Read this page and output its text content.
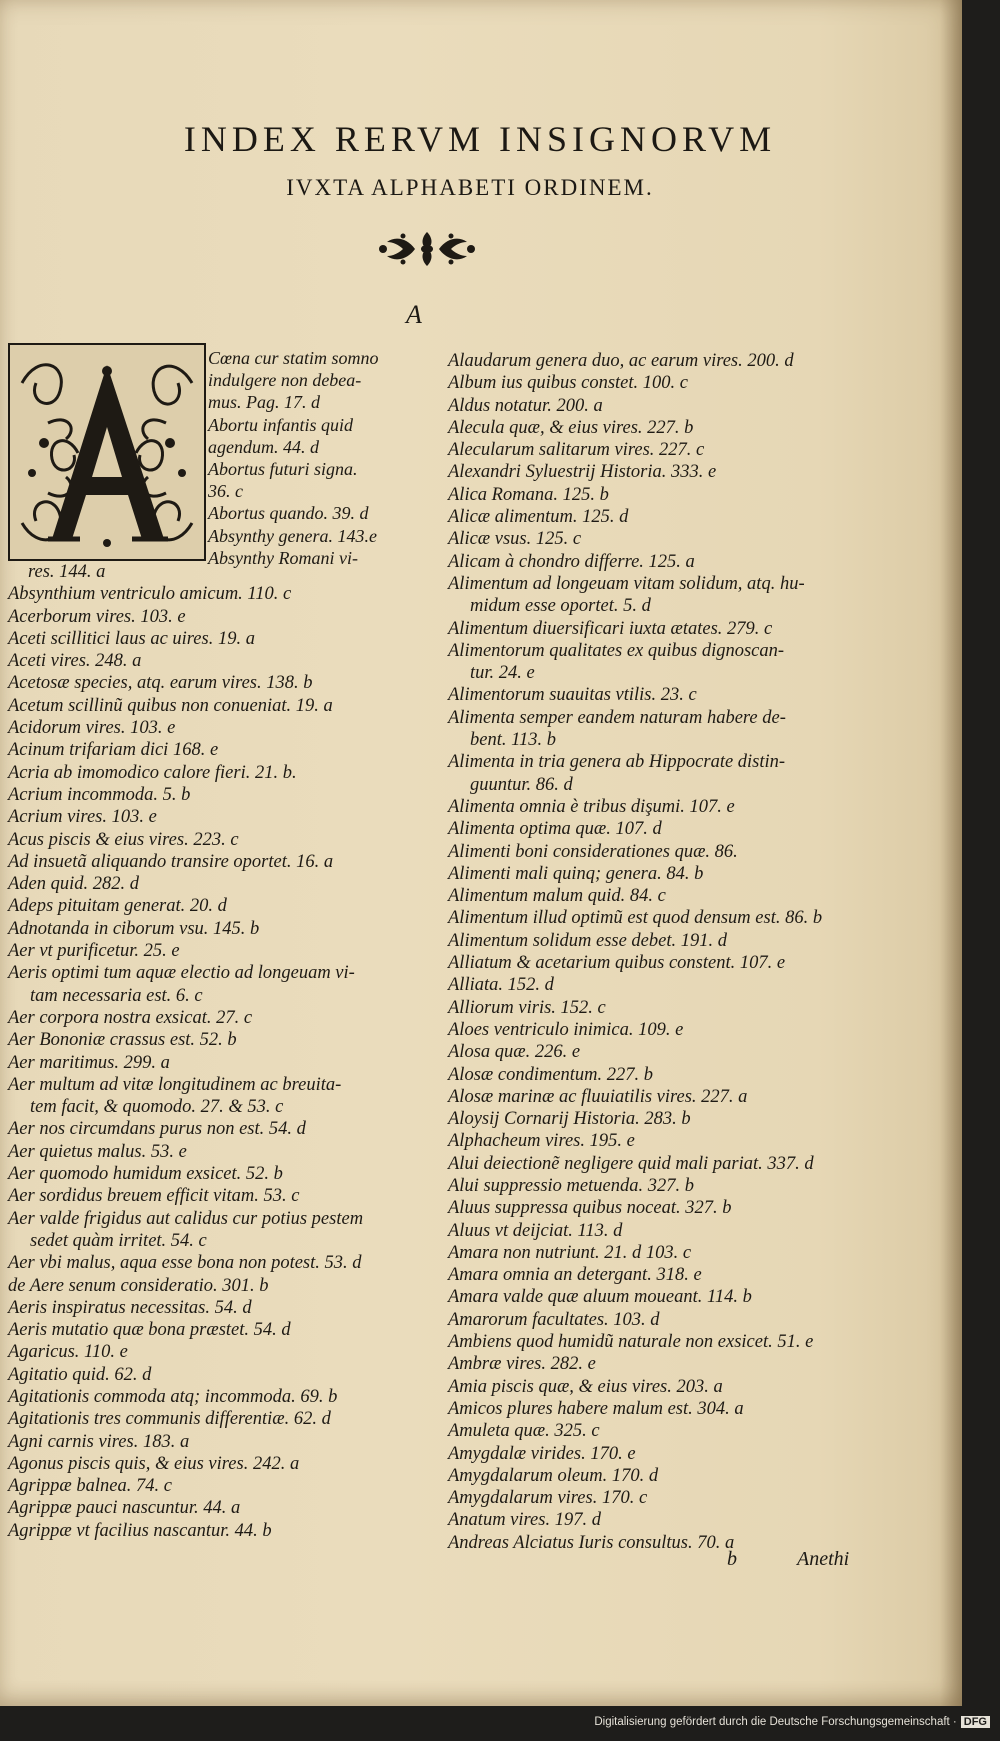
INDEX RERVM INSIGNORVM
IVXTA ALPHABETI ORDINEM.
A
Cœna cur statim somno
indulgere non debea-
mus. Pag. 17. d
Abortu infantis quid
agendum. 44. d
Abortus futuri signa.
36. c
Abortus quando. 39. d
Absynthy genera. 143.e
Absynthy Romani vi-
res. 144. a
Absynthium ventriculo amicum. 110. c
Acerborum vires. 103. e
Aceti scillitici laus ac uires. 19. a
Aceti vires. 248. a
Acetosæ species, atq. earum vires. 138. b
Acetum scillinũ quibus non conueniat. 19. a
Acidorum vires. 103. e
Acinum trifariam dici 168. e
Acria ab imomodico calore fieri. 21. b.
Acrium incommoda. 5. b
Acrium vires. 103. e
Acus piscis & eius vires. 223. c
Ad insuetã aliquando transire oportet. 16. a
Aden quid. 282. d
Adeps pituitam generat. 20. d
Adnotanda in ciborum vsu. 145. b
Aer vt purificetur. 25. e
Aeris optimi tum aquæ electio ad longeuam vi-
tam necessaria est. 6. c
Aer corpora nostra exsicat. 27. c
Aer Bononiæ crassus est. 52. b
Aer maritimus. 299. a
Aer multum ad vitæ longitudinem ac breuita-
tem facit, & quomodo. 27. & 53. c
Aer nos circumdans purus non est. 54. d
Aer quietus malus. 53. e
Aer quomodo humidum exsicet. 52. b
Aer sordidus breuem efficit vitam. 53. c
Aer valde frigidus aut calidus cur potius pestem
sedet quàm irritet. 54. c
Aer vbi malus, aqua esse bona non potest. 53. d
de Aere senum consideratio. 301. b
Aeris inspiratus necessitas. 54. d
Aeris mutatio quæ bona præstet. 54. d
Agaricus. 110. e
Agitatio quid. 62. d
Agitationis commoda atq; incommoda. 69. b
Agitationis tres communis differentiæ. 62. d
Agni carnis vires. 183. a
Agonus piscis quis, & eius vires. 242. a
Agrippæ balnea. 74. c
Agrippæ pauci nascuntur. 44. a
Agrippæ vt facilius nascantur. 44. b
Alaudarum genera duo, ac earum vires. 200. d
Album ius quibus constet. 100. c
Aldus notatur. 200. a
Alecula quæ, & eius vires. 227. b
Alecularum salitarum vires. 227. c
Alexandri Syluestrij Historia. 333. e
Alica Romana. 125. b
Alicæ alimentum. 125. d
Alicæ vsus. 125. c
Alicam à chondro differre. 125. a
Alimentum ad longeuam vitam solidum, atq. hu-
midum esse oportet. 5. d
Alimentum diuersificari iuxta ætates. 279. c
Alimentorum qualitates ex quibus dignoscan-
tur. 24. e
Alimentorum suauitas vtilis. 23. c
Alimenta semper eandem naturam habere de-
bent. 113. b
Alimenta in tria genera ab Hippocrate distin-
guuntur. 86. d
Alimenta omnia è tribus dişumi. 107. e
Alimenta optima quæ. 107. d
Alimenti boni considerationes quæ. 86.
Alimenti mali quinq; genera. 84. b
Alimentum malum quid. 84. c
Alimentum illud optimũ est quod densum est. 86. b
Alimentum solidum esse debet. 191. d
Alliatum & acetarium quibus constent. 107. e
Alliata. 152. d
Alliorum viris. 152. c
Aloes ventriculo inimica. 109. e
Alosa quæ. 226. e
Alosæ condimentum. 227. b
Alosæ marinæ ac fluuiatilis vires. 227. a
Aloysij Cornarij Historia. 283. b
Alphacheum vires. 195. e
Alui deiectionẽ negligere quid mali pariat. 337. d
Alui suppressio metuenda. 327. b
Aluus suppressa quibus noceat. 327. b
Aluus vt deijciat. 113. d
Amara non nutriunt. 21. d 103. c
Amara omnia an detergant. 318. e
Amara valde quæ aluum moueant. 114. b
Amarorum facultates. 103. d
Ambiens quod humidũ naturale non exsicet. 51. e
Ambræ vires. 282. e
Amia piscis quæ, & eius vires. 203. a
Amicos plures habere malum est. 304. a
Amuleta quæ. 325. c
Amygdalæ virides. 170. e
Amygdalarum oleum. 170. d
Amygdalarum vires. 170. c
Anatum vires. 197. d
Andreas Alciatus Iuris consultus. 70. a
b	Anethi
Digitalisierung gefördert durch die Deutsche Forschungsgemeinschaft · DFG
